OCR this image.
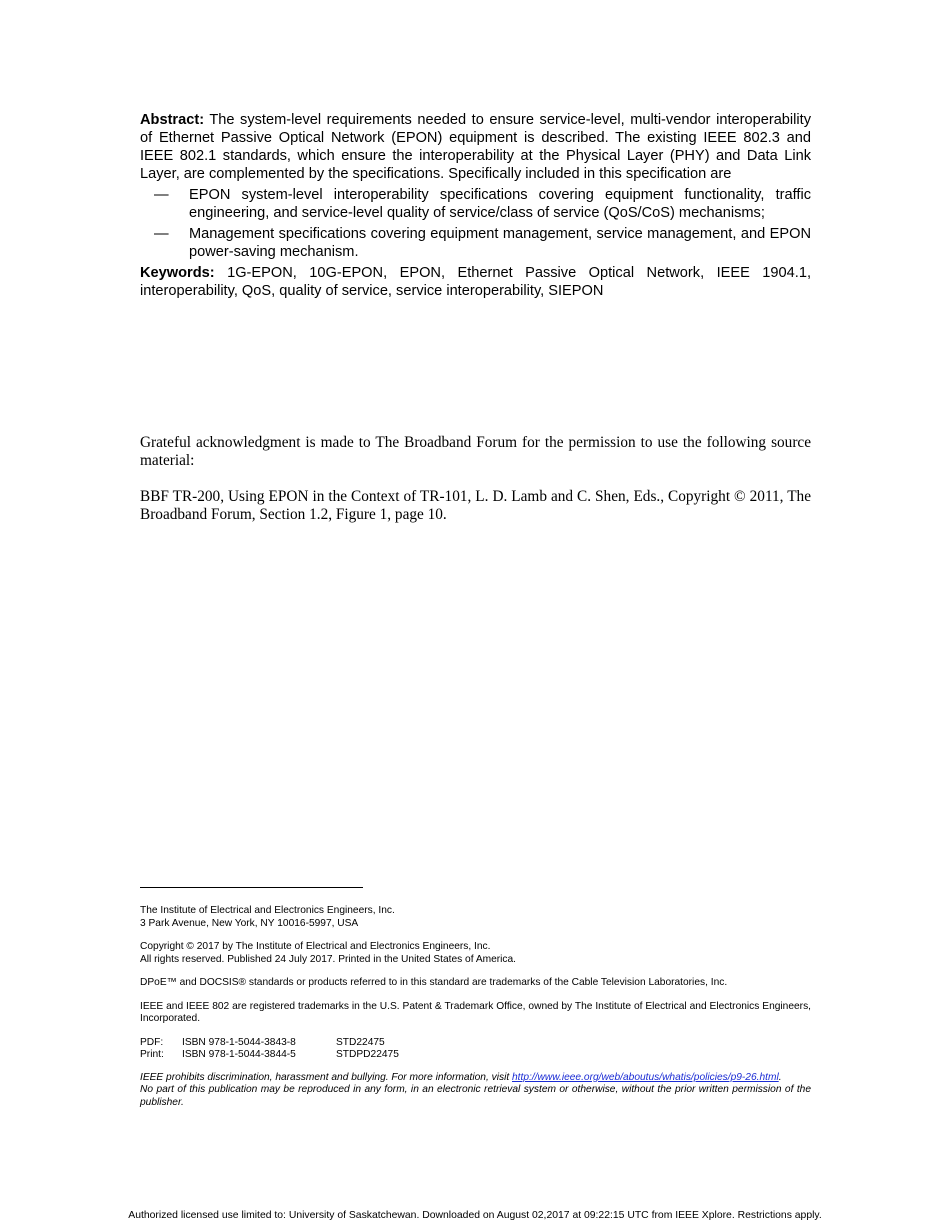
Abstract: The system-level requirements needed to ensure service-level, multi-vendor interoperability of Ethernet Passive Optical Network (EPON) equipment is described. The existing IEEE 802.3 and IEEE 802.1 standards, which ensure the interoperability at the Physical Layer (PHY) and Data Link Layer, are complemented by the specifications. Specifically included in this specification are

— EPON system-level interoperability specifications covering equipment functionality, traffic engineering, and service-level quality of service/class of service (QoS/CoS) mechanisms;
— Management specifications covering equipment management, service management, and EPON power-saving mechanism.

Keywords: 1G-EPON, 10G-EPON, EPON, Ethernet Passive Optical Network, IEEE 1904.1, interoperability, QoS, quality of service, service interoperability, SIEPON

Grateful acknowledgment is made to The Broadband Forum for the permission to use the following source material:

BBF TR-200, Using EPON in the Context of TR-101, L. D. Lamb and C. Shen, Eds., Copyright © 2011, The Broadband Forum, Section 1.2, Figure 1, page 10.

The Institute of Electrical and Electronics Engineers, Inc.

3 Park Avenue, New York, NY 10016-5997, USA

Copyright © 2017 by The Institute of Electrical and Electronics Engineers, Inc.

All rights reserved. Published 24 July 2017. Printed in the United States of America.

DPoE™ and DOCSIS® standards or products referred to in this standard are trademarks of the Cable Television Laboratories, Inc.

IEEE and IEEE 802 are registered trademarks in the U.S. Patent & Trademark Office, owned by The Institute of Electrical and Electronics Engineers, Incorporated.

PDF:	ISBN 978-1-5044-3843-8	STD22475
Print:	ISBN 978-1-5044-3844-5	STDPD22475

IEEE prohibits discrimination, harassment and bullying. For more information, visit http://www.ieee.org/web/aboutus/whatis/policies/p9-26.html.
No part of this publication may be reproduced in any form, in an electronic retrieval system or otherwise, without the prior written permission of the publisher.

Authorized licensed use limited to: University of Saskatchewan. Downloaded on August 02,2017 at 09:22:15 UTC from IEEE Xplore. Restrictions apply.
